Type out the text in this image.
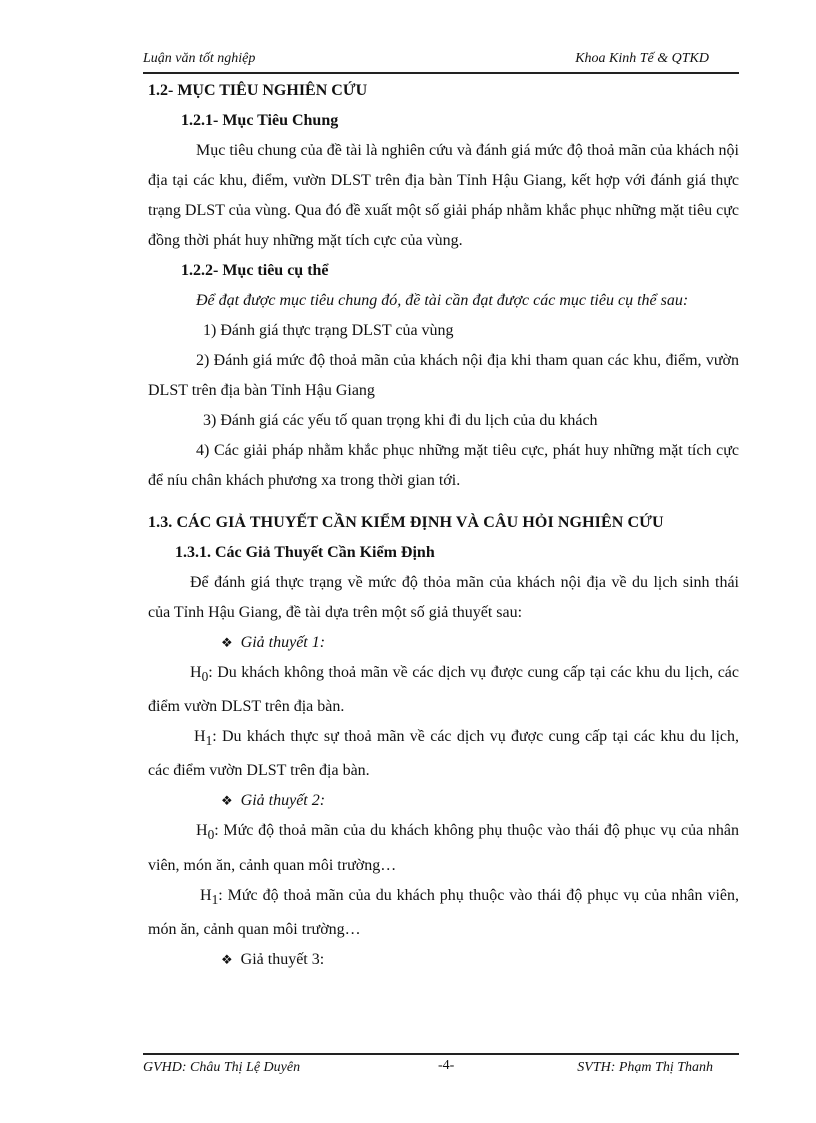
Luận văn tốt nghiệp	Khoa Kinh Tế & QTKD

1.2- MỤC TIÊU NGHIÊN CỨU

1.2.1- Mục Tiêu Chung

Mục tiêu chung của đề tài là nghiên cứu và đánh giá mức độ thoả mãn của khách nội địa tại các khu, điểm, vườn DLST trên địa bàn Tỉnh Hậu Giang, kết hợp với đánh giá thực trạng DLST của vùng. Qua đó đề xuất một số giải pháp nhằm khắc phục những mặt tiêu cực đồng thời phát huy những mặt tích cực của vùng.

1.2.2- Mục tiêu cụ thể

Để đạt được mục tiêu chung đó, đề tài cần đạt được các mục tiêu cụ thể sau:

1) Đánh giá thực trạng DLST của vùng

2) Đánh giá mức độ thoả mãn của khách nội địa khi tham quan các khu, điểm, vườn DLST trên địa bàn Tỉnh Hậu Giang

3) Đánh giá các yếu tố quan trọng khi đi du lịch của du khách

4) Các giải pháp nhằm khắc phục những mặt tiêu cực, phát huy những mặt tích cực để níu chân khách phương xa trong thời gian tới.

1.3. CÁC GIẢ THUYẾT CẦN KIỂM ĐỊNH VÀ CÂU HỎI NGHIÊN CỨU

1.3.1. Các Giả Thuyết Cần Kiểm Định

Để đánh giá thực trạng về mức độ thỏa mãn của khách nội địa về du lịch sinh thái của Tỉnh Hậu Giang, đề tài dựa trên một số giả thuyết sau:

❖ Giả thuyết 1:

$H_0$: Du khách không thoả mãn về các dịch vụ được cung cấp tại các khu du lịch, các điểm vườn DLST trên địa bàn.

$H_1$: Du khách thực sự thoả mãn về các dịch vụ được cung cấp tại các khu du lịch, các điểm vườn DLST trên địa bàn.

❖ Giả thuyết 2:

$H_0$: Mức độ thoả mãn của du khách không phụ thuộc vào thái độ phục vụ của nhân viên, món ăn, cảnh quan môi trường…

$H_1$: Mức độ thoả mãn của du khách phụ thuộc vào thái độ phục vụ của nhân viên, món ăn, cảnh quan môi trường…

❖ Giả thuyết 3:

GVHD: Châu Thị Lệ Duyên	-4-	SVTH: Phạm Thị Thanh
